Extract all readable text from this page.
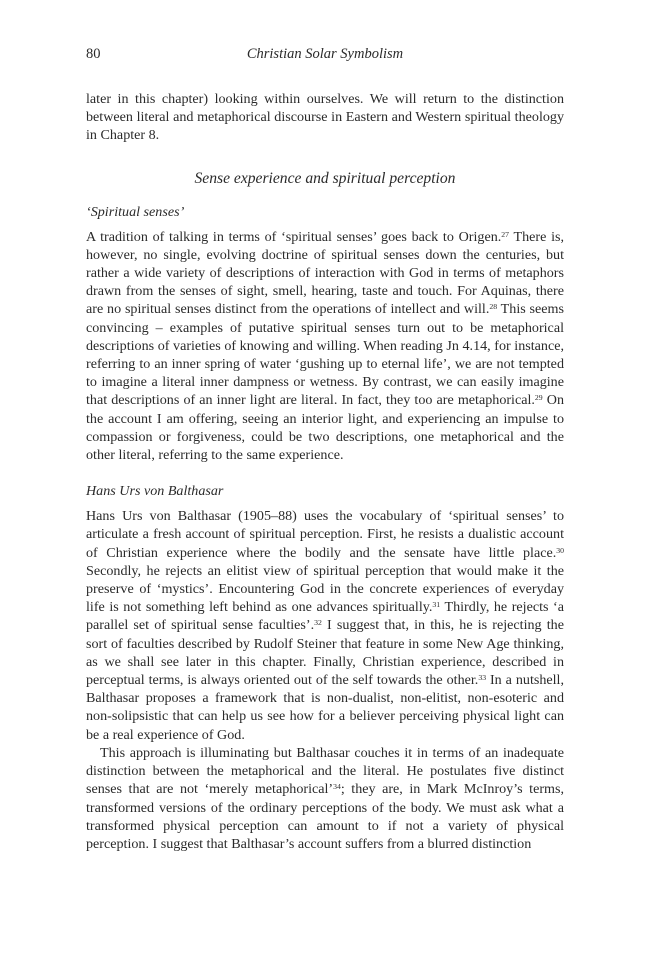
80	Christian Solar Symbolism

later in this chapter) looking within ourselves. We will return to the distinction between literal and metaphorical discourse in Eastern and Western spiritual theology in Chapter 8.

Sense experience and spiritual perception

‘Spiritual senses’

A tradition of talking in terms of ‘spiritual senses’ goes back to Origen.$^{27}$ There is, however, no single, evolving doctrine of spiritual senses down the centuries, but rather a wide variety of descriptions of interaction with God in terms of metaphors drawn from the senses of sight, smell, hearing, taste and touch. For Aquinas, there are no spiritual senses distinct from the operations of intellect and will.$^{28}$ This seems convincing – examples of putative spiritual senses turn out to be metaphorical descriptions of varieties of knowing and willing. When reading Jn 4.14, for instance, referring to an inner spring of water ‘gushing up to eternal life’, we are not tempted to imagine a literal inner dampness or wetness. By contrast, we can easily imagine that descriptions of an inner light are literal. In fact, they too are metaphorical.$^{29}$ On the account I am offering, seeing an interior light, and experiencing an impulse to compassion or forgiveness, could be two descriptions, one metaphorical and the other literal, referring to the same experience.

Hans Urs von Balthasar

Hans Urs von Balthasar (1905–88) uses the vocabulary of ‘spiritual senses’ to articulate a fresh account of spiritual perception. First, he resists a dualistic account of Christian experience where the bodily and the sensate have little place.$^{30}$ Secondly, he rejects an elitist view of spiritual perception that would make it the preserve of ‘mystics’. Encountering God in the concrete experiences of everyday life is not something left behind as one advances spiritually.$^{31}$ Thirdly, he rejects ‘a parallel set of spiritual sense faculties’.$^{32}$ I suggest that, in this, he is rejecting the sort of faculties described by Rudolf Steiner that feature in some New Age thinking, as we shall see later in this chapter. Finally, Christian experience, described in perceptual terms, is always oriented out of the self towards the other.$^{33}$ In a nutshell, Balthasar proposes a framework that is non-dualist, non-elitist, non-esoteric and non-solipsistic that can help us see how for a believer perceiving physical light can be a real experience of God.

This approach is illuminating but Balthasar couches it in terms of an inadequate distinction between the metaphorical and the literal. He postulates five distinct senses that are not ‘merely metaphorical’$^{34}$; they are, in Mark McInroy’s terms, transformed versions of the ordinary perceptions of the body. We must ask what a transformed physical perception can amount to if not a variety of physical perception. I suggest that Balthasar’s account suffers from a blurred distinction
